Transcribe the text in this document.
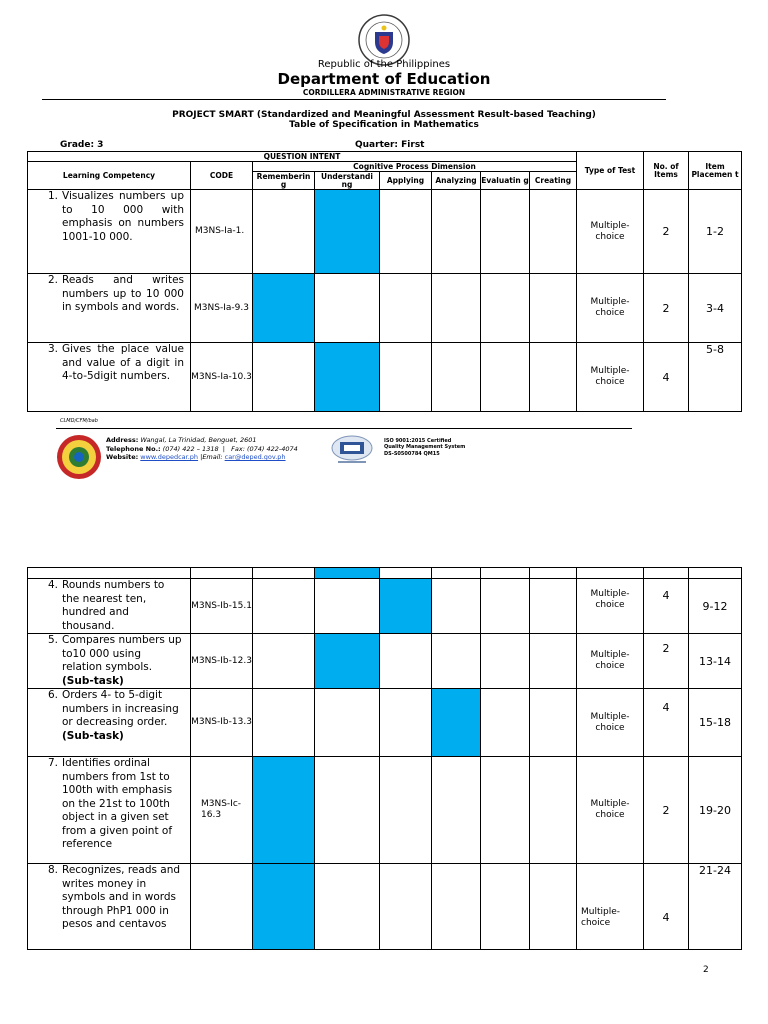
Republic of the Philippines
Department of Education
CORDILLERA ADMINISTRATIVE REGION
PROJECT SMART (Standardized and Meaningful Assessment Result-based Teaching)
Table of Specification in Mathematics
Grade: 3	Quarter: First
QUESTION INTENT								Type of Test	No. of Items	Item Placemen t
Learning Competency	CODE	Cognitive Process Dimension								
		Rememberin g	Understandi ng	Applying	Analyzing	Evaluatin g	Creating			

1. Visualizes numbers up to 10 000 with emphasis on numbers 1001-10 000.	M3NS-Ia-1.							Multiple-choice	2	1-2

2. Reads and writes numbers up to 10 000 in symbols and words.	M3NS-Ia-9.3							Multiple-choice	2	3-4

3. Gives the place value and value of a digit in 4-to-5digit numbers.	M3NS-Ia-10.3							Multiple-choice	4	5-8
CLMD/CFM/bab
Address: Wangal, La Trinidad, Benguet, 2601
Telephone No.: (074) 422 – 1318  |   Fax: (074) 422-4074
Website: www.depedcar.ph |Email: car@deped.gov.ph
ISO 9001:2015 Certified
Quality Management System
DS-S0500784 QM15

4. Rounds numbers to the nearest ten, hundred and thousand.	M3NS-Ib-15.1							Multiple-choice	4	9-12

5. Compares numbers up to10 000 using relation symbols.
(Sub-task)	M3NS-Ib-12.3							Multiple-choice	2	13-14

6. Orders 4- to 5-digit numbers in increasing or decreasing order.
(Sub-task)	M3NS-Ib-13.3							Multiple-choice	4	15-18

7. Identifies ordinal numbers from 1st to 100th with emphasis on the 21st to 100th object in a given set from a given point of reference	M3NS-Ic-16.3							Multiple-choice	2	19-20

8. Recognizes, reads and writes money in symbols and in words through PhP1 000 in pesos and centavos								Multiple-choice	4	21-24
2
